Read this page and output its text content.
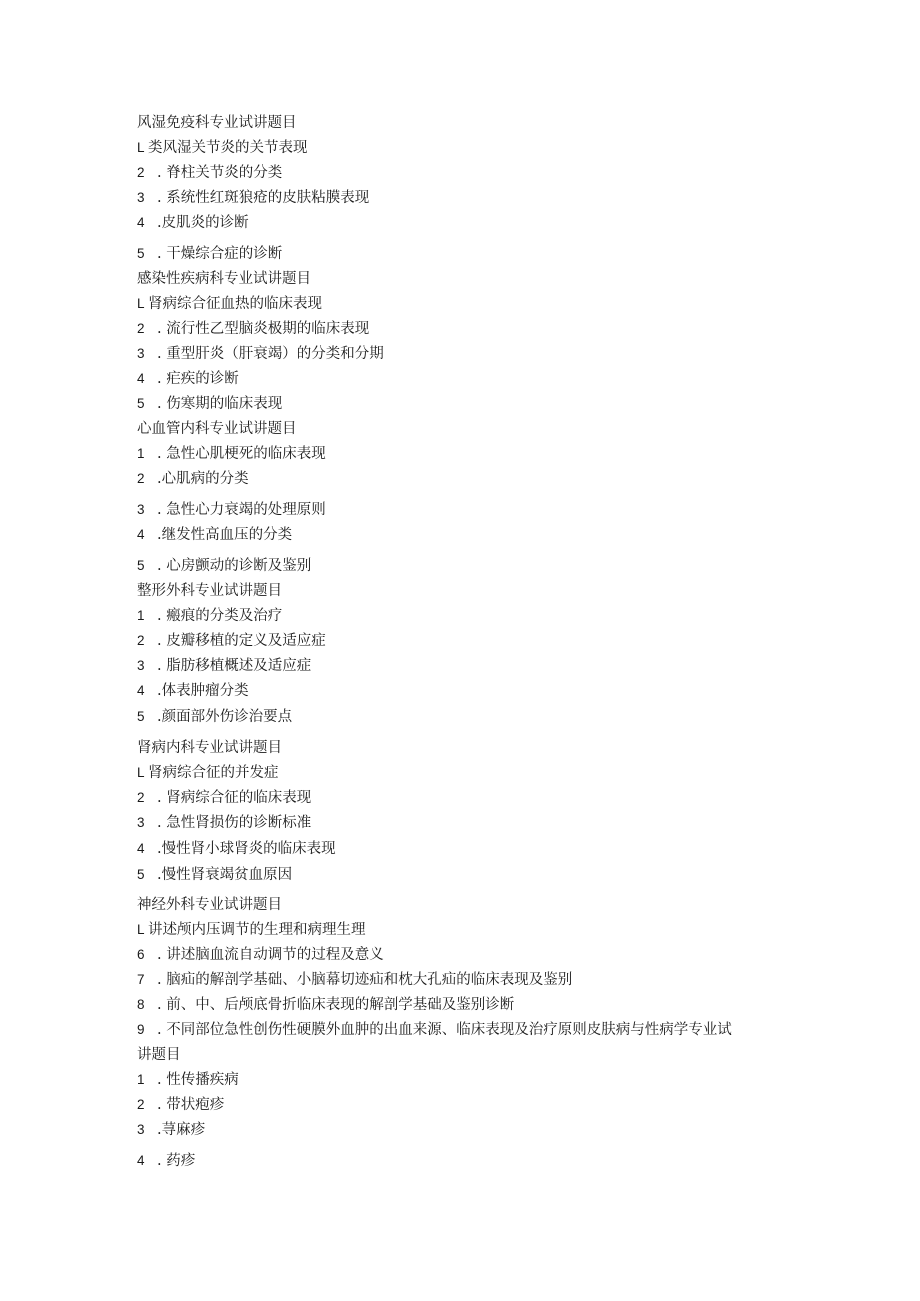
风湿免疫科专业试讲题目
L 类风湿关节炎的关节表现
2 . 脊柱关节炎的分类
3 . 系统性红斑狼疮的皮肤粘膜表现
4 .皮肌炎的诊断
5 . 干燥综合症的诊断
感染性疾病科专业试讲题目
L 肾病综合征血热的临床表现
2 . 流行性乙型脑炎极期的临床表现
3 . 重型肝炎（肝衰竭）的分类和分期
4 . 疟疾的诊断
5 . 伤寒期的临床表现
心血管内科专业试讲题目
1 . 急性心肌梗死的临床表现
2 .心肌病的分类
3 . 急性心力衰竭的处理原则
4 .继发性高血压的分类
5 . 心房颤动的诊断及鉴别
整形外科专业试讲题目
1 . 瘢痕的分类及治疗
2 . 皮瓣移植的定义及适应症
3 . 脂肪移植概述及适应症
4 .体表肿瘤分类
5 .颜面部外伤诊治要点
肾病内科专业试讲题目
L 肾病综合征的并发症
2 . 肾病综合征的临床表现
3 . 急性肾损伤的诊断标准
4 .慢性肾小球肾炎的临床表现
5 .慢性肾衰竭贫血原因
神经外科专业试讲题目
L 讲述颅内压调节的生理和病理生理
6 . 讲述脑血流自动调节的过程及意义
7 . 脑疝的解剖学基础、小脑幕切迹疝和枕大孔疝的临床表现及鉴别
8 . 前、中、后颅底骨折临床表现的解剖学基础及鉴别诊断
9 . 不同部位急性创伤性硬膜外血肿的出血来源、临床表现及治疗原则皮肤病与性病学专业试
讲题目
1 . 性传播疾病
2 . 带状疱疹
3 .荨麻疹
4 . 药疹
